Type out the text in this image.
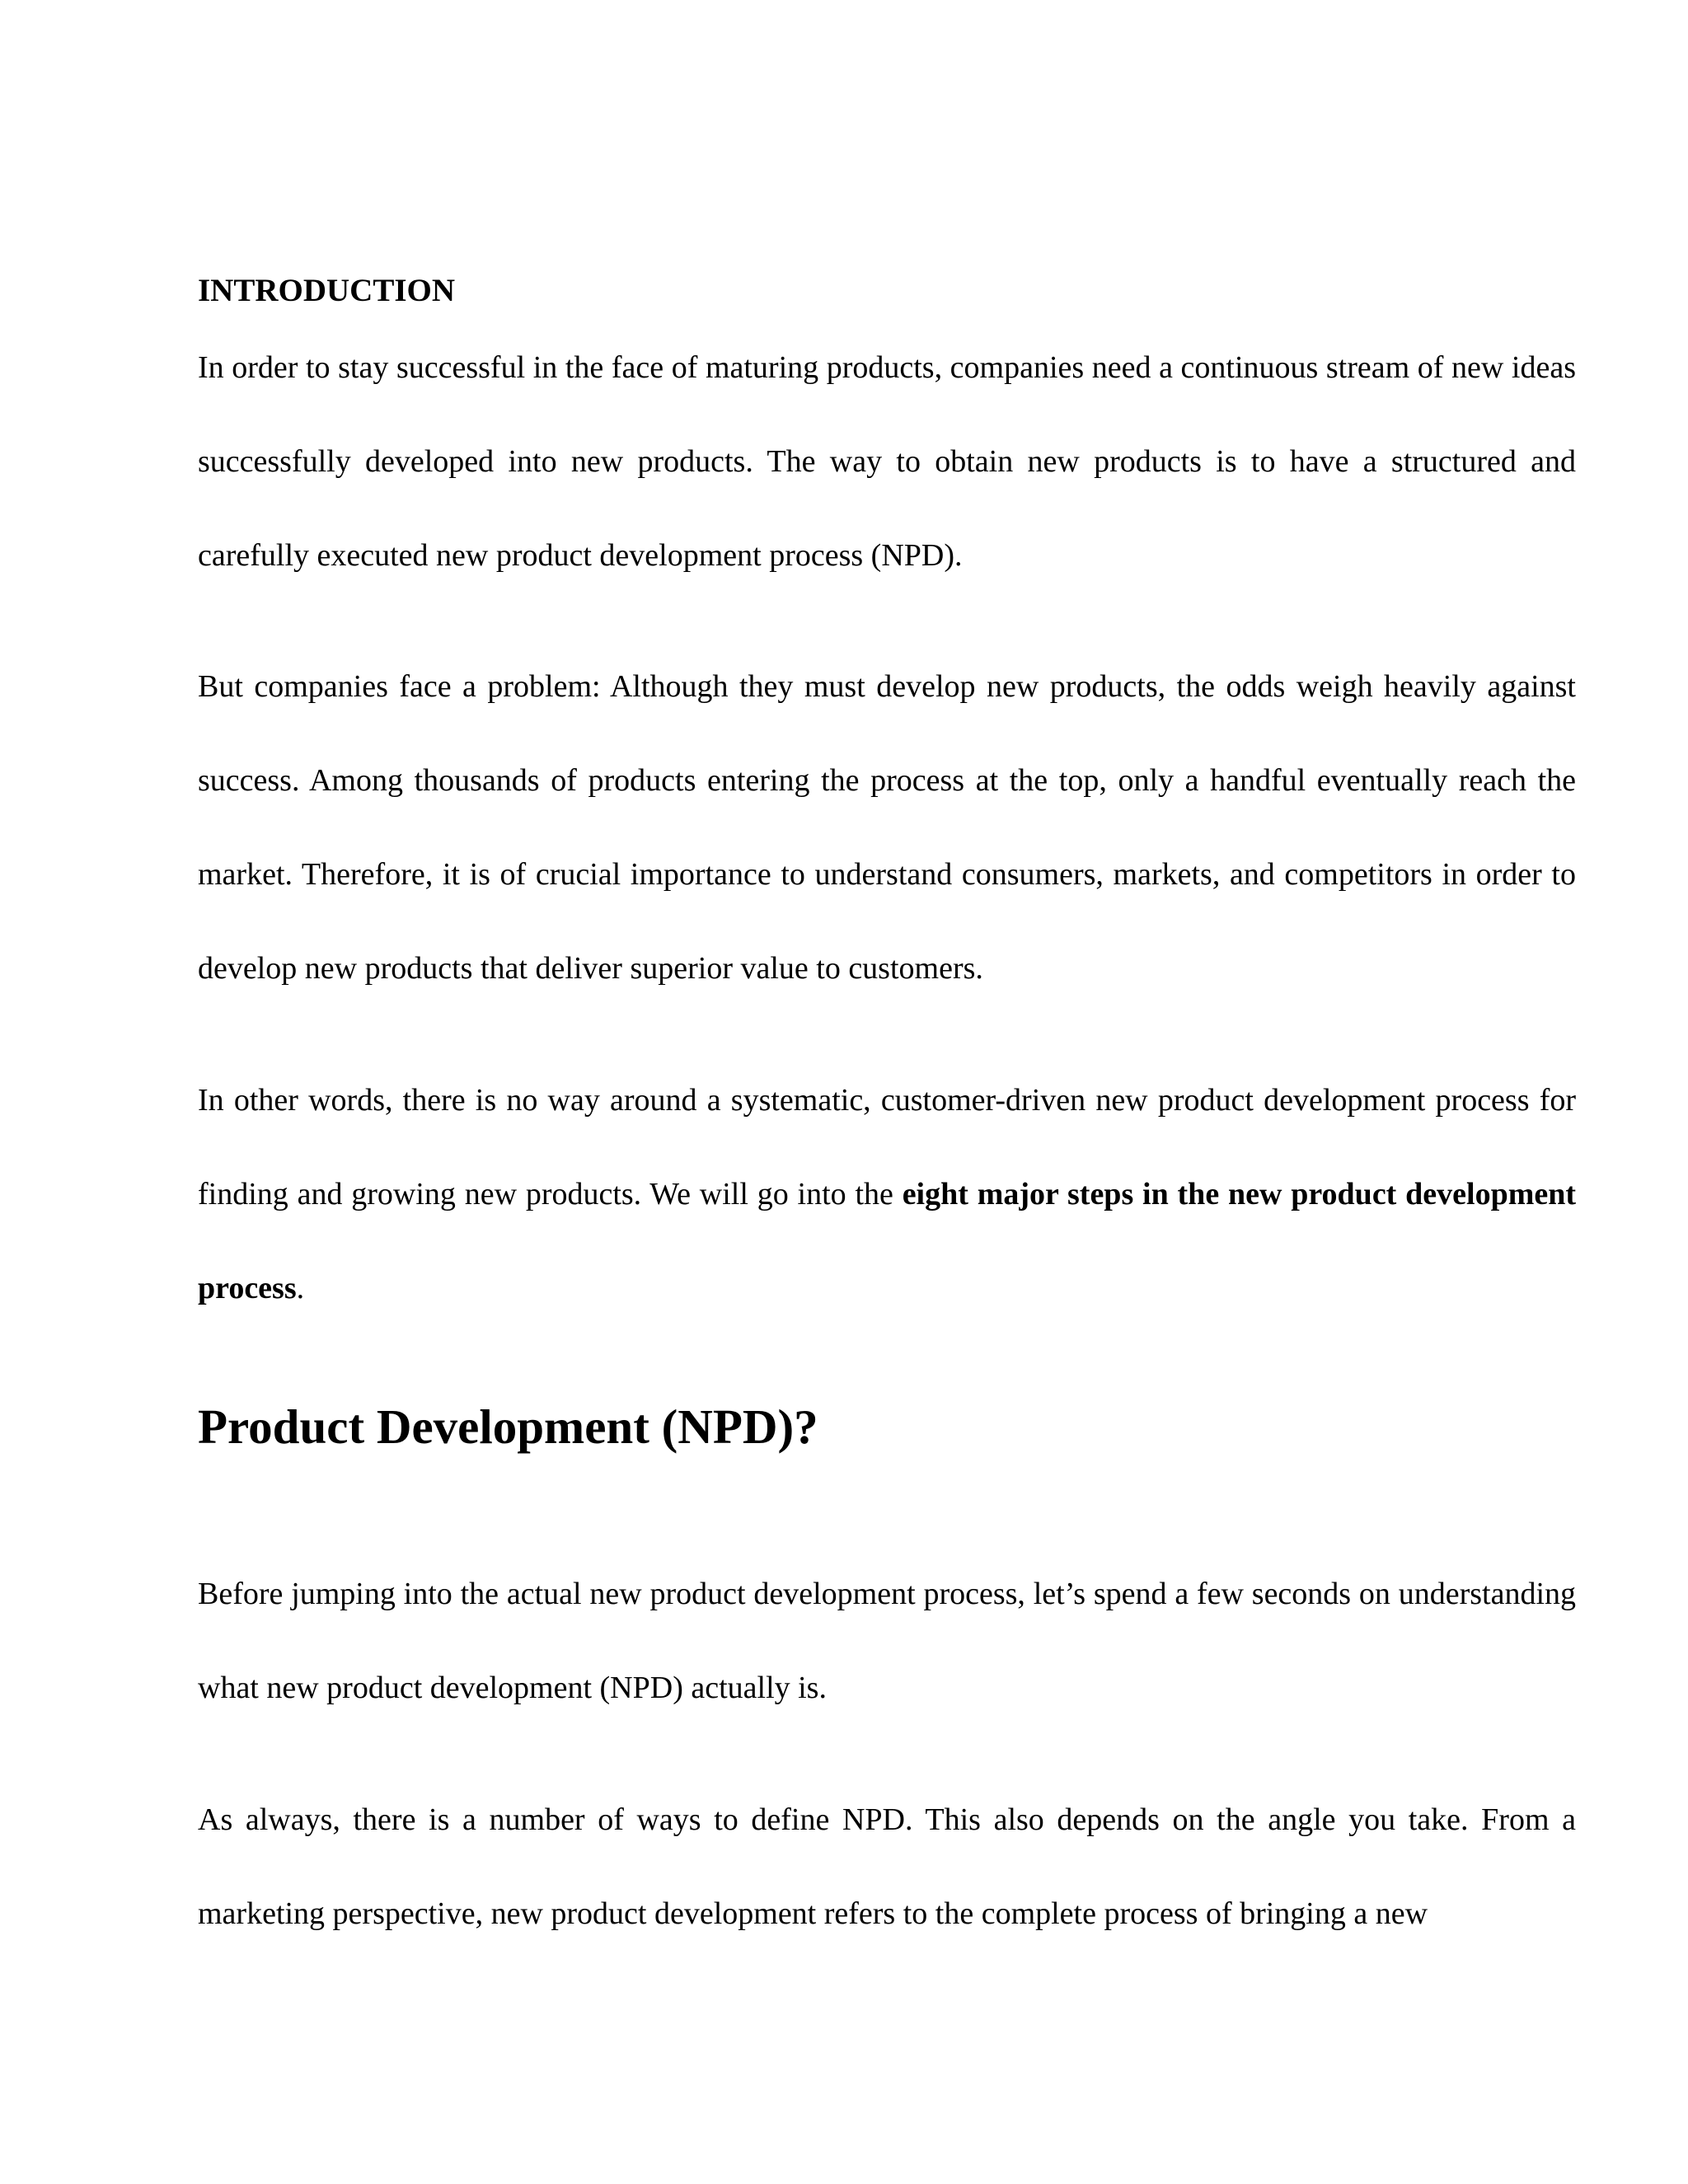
INTRODUCTION

In order to stay successful in the face of maturing products, companies need a continuous stream of new ideas successfully developed into new products. The way to obtain new products is to have a structured and carefully executed new product development process (NPD).

But companies face a problem: Although they must develop new products, the odds weigh heavily against success. Among thousands of products entering the process at the top, only a handful eventually reach the market. Therefore, it is of crucial importance to understand consumers, markets, and competitors in order to develop new products that deliver superior value to customers.

In other words, there is no way around a systematic, customer-driven new product development process for finding and growing new products. We will go into the eight major steps in the new product development process.

Product Development (NPD)?

Before jumping into the actual new product development process, let’s spend a few seconds on understanding what new product development (NPD) actually is.

As always, there is a number of ways to define NPD. This also depends on the angle you take. From a marketing perspective, new product development refers to the complete process of bringing a new
